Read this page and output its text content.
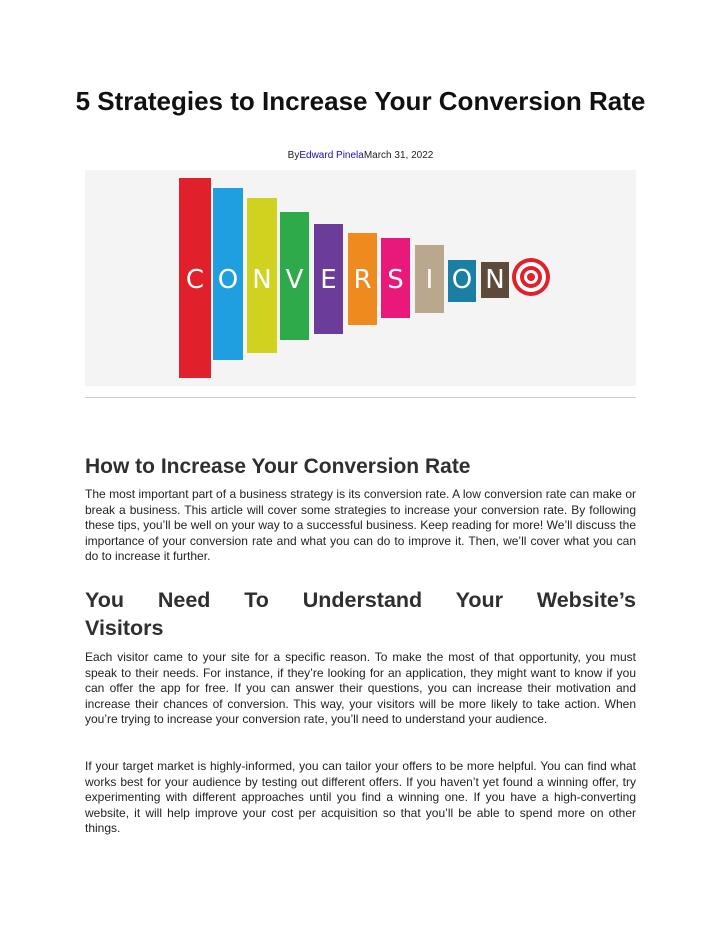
5 Strategies to Increase Your Conversion Rate
ByEdward PinelaMarch 31, 2022
C O N V E R S I O N
How to Increase Your Conversion Rate

The most important part of a business strategy is its conversion rate. A low conversion rate can make or break a business. This article will cover some strategies to increase your conversion rate. By following these tips, you’ll be well on your way to a successful business. Keep reading for more! We’ll discuss the importance of your conversion rate and what you can do to improve it. Then, we’ll cover what you can do to increase it further.

You Need To Understand Your Website’s
Visitors

Each visitor came to your site for a specific reason. To make the most of that opportunity, you must speak to their needs. For instance, if they’re looking for an application, they might want to know if you can offer the app for free. If you can answer their questions, you can increase their motivation and increase their chances of conversion. This way, your visitors will be more likely to take action. When you’re trying to increase your conversion rate, you’ll need to understand your audience.

If your target market is highly-informed, you can tailor your offers to be more helpful. You can find what works best for your audience by testing out different offers. If you haven’t yet found a winning offer, try experimenting with different approaches until you find a winning one. If you have a high-converting website, it will help improve your cost per acquisition so that you’ll be able to spend more on other things.
